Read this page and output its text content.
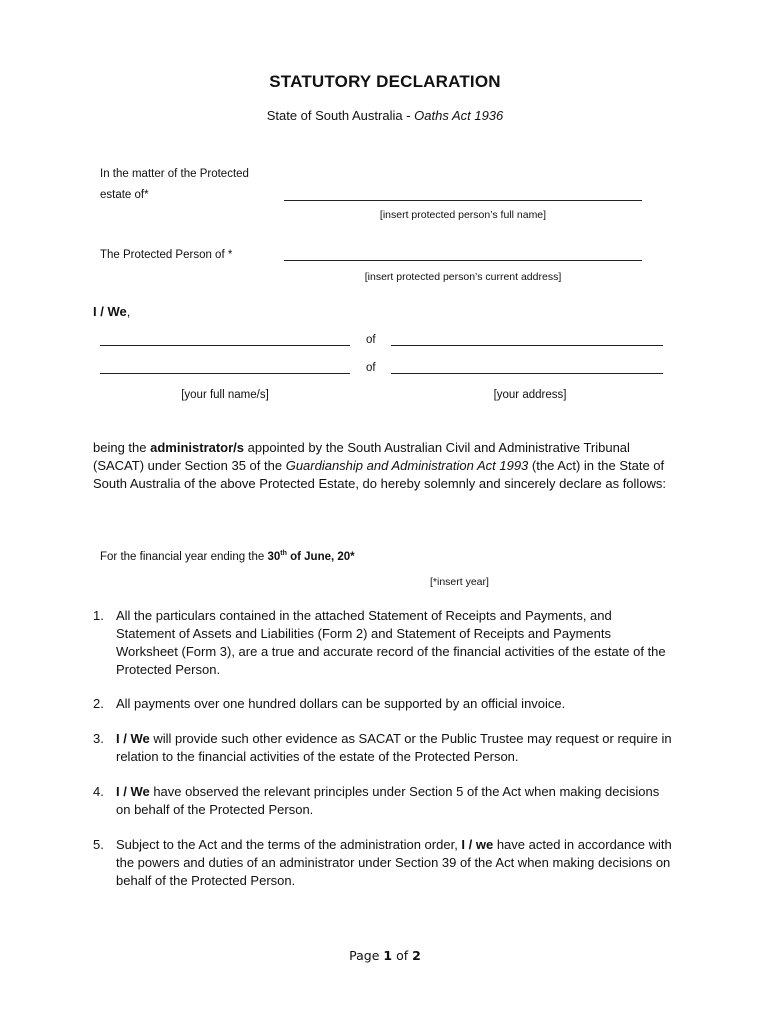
STATUTORY DECLARATION
State of South Australia - Oaths Act 1936
In the matter of the Protected
estate of*
[insert protected person’s full name]
The Protected Person of *
[insert protected person’s current address]
I / We,
of
of
[your full name/s]	[your address]
being the administrator/s appointed by the South Australian Civil and Administrative Tribunal (SACAT) under Section 35 of the Guardianship and Administration Act 1993 (the Act) in the State of South Australia of the above Protected Estate, do hereby solemnly and sincerely declare as follows:
For the financial year ending the 30th of June, 20*
[*insert year]
1. All the particulars contained in the attached Statement of Receipts and Payments, and Statement of Assets and Liabilities (Form 2) and Statement of Receipts and Payments Worksheet (Form 3), are a true and accurate record of the financial activities of the estate of the Protected Person.
2. All payments over one hundred dollars can be supported by an official invoice.
3. I / We will provide such other evidence as SACAT or the Public Trustee may request or require in relation to the financial activities of the estate of the Protected Person.
4. I / We have observed the relevant principles under Section 5 of the Act when making decisions on behalf of the Protected Person.
5. Subject to the Act and the terms of the administration order, I / we have acted in accordance with the powers and duties of an administrator under Section 39 of the Act when making decisions on behalf of the Protected Person.
Page 1 of 2
